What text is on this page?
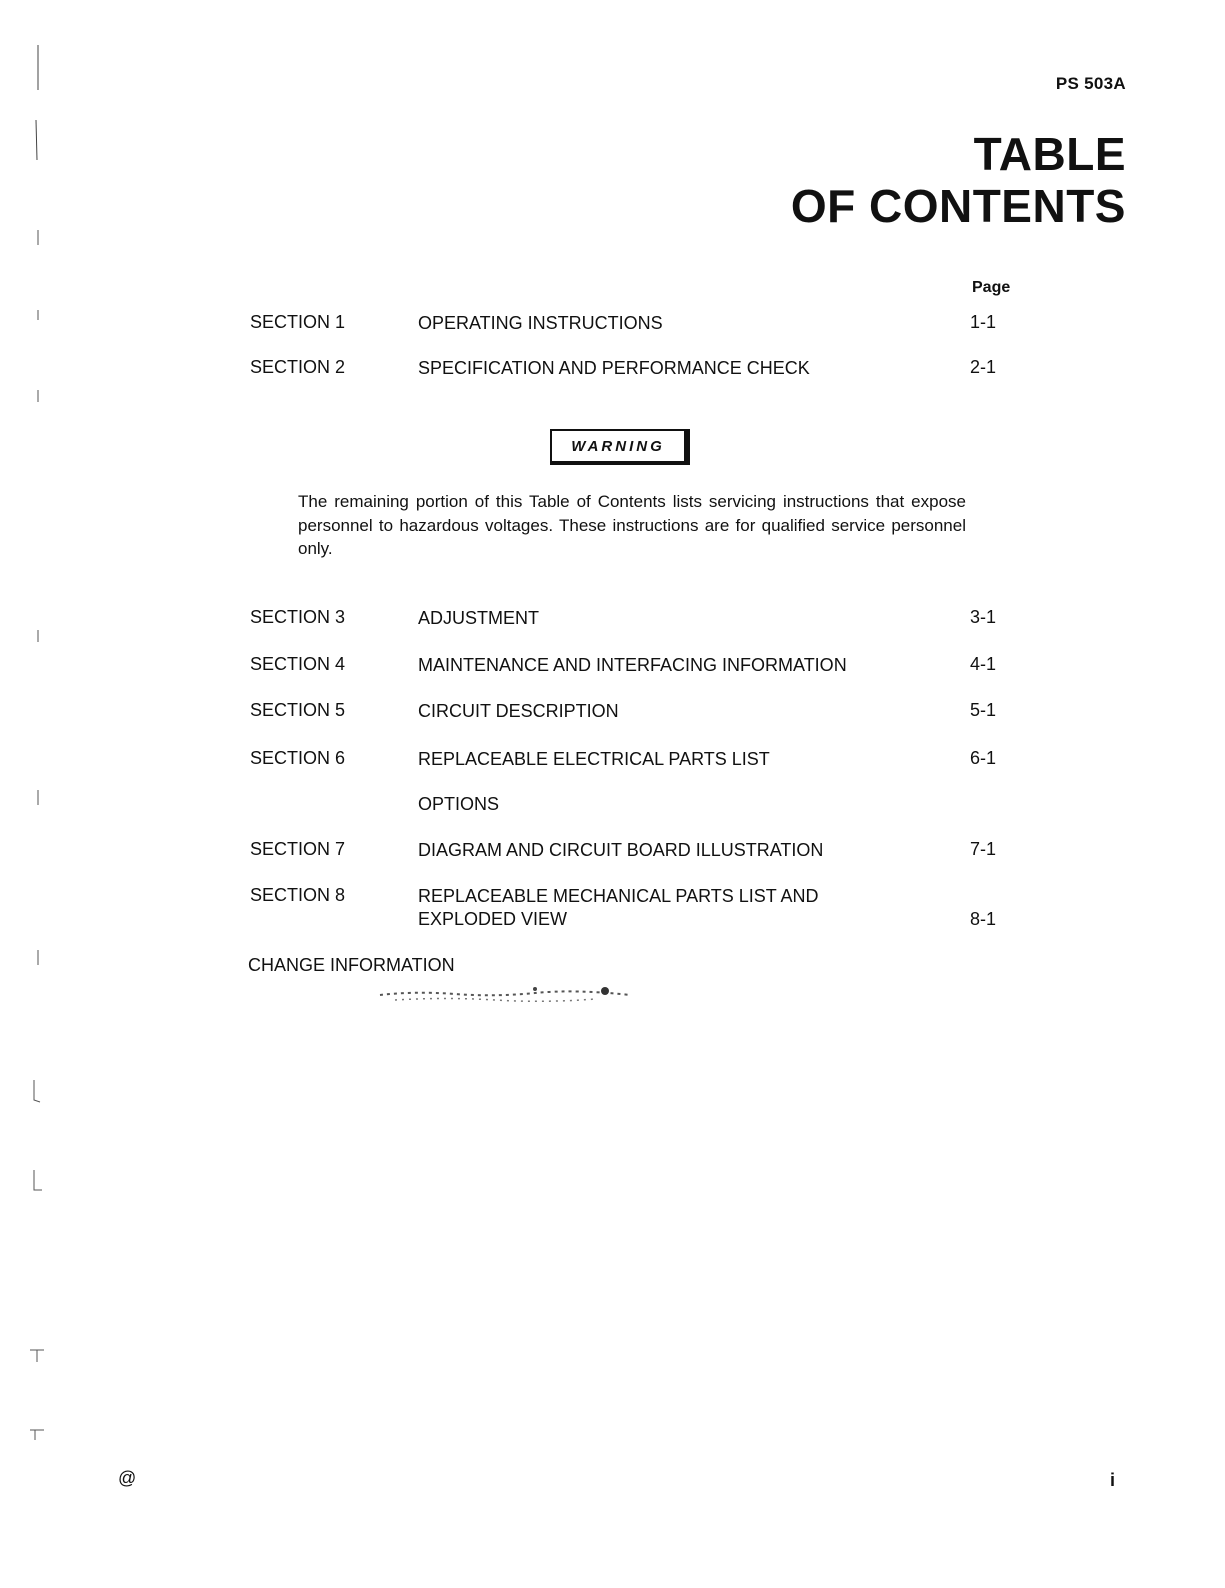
PS 503A
TABLE
OF CONTENTS
Page
SECTION 1	OPERATING INSTRUCTIONS	1-1
SECTION 2	SPECIFICATION AND PERFORMANCE CHECK	2-1
WARNING
The remaining portion of this Table of Contents lists servicing instructions that expose personnel to hazardous voltages. These instructions are for qualified service personnel only.
SECTION 3	ADJUSTMENT	3-1
SECTION 4	MAINTENANCE AND INTERFACING INFORMATION	4-1
SECTION 5	CIRCUIT DESCRIPTION	5-1
SECTION 6	REPLACEABLE ELECTRICAL PARTS LIST	6-1
OPTIONS
SECTION 7	DIAGRAM AND CIRCUIT BOARD ILLUSTRATION	7-1
SECTION 8	REPLACEABLE MECHANICAL PARTS LIST AND EXPLODED VIEW	8-1
CHANGE INFORMATION
@	i
